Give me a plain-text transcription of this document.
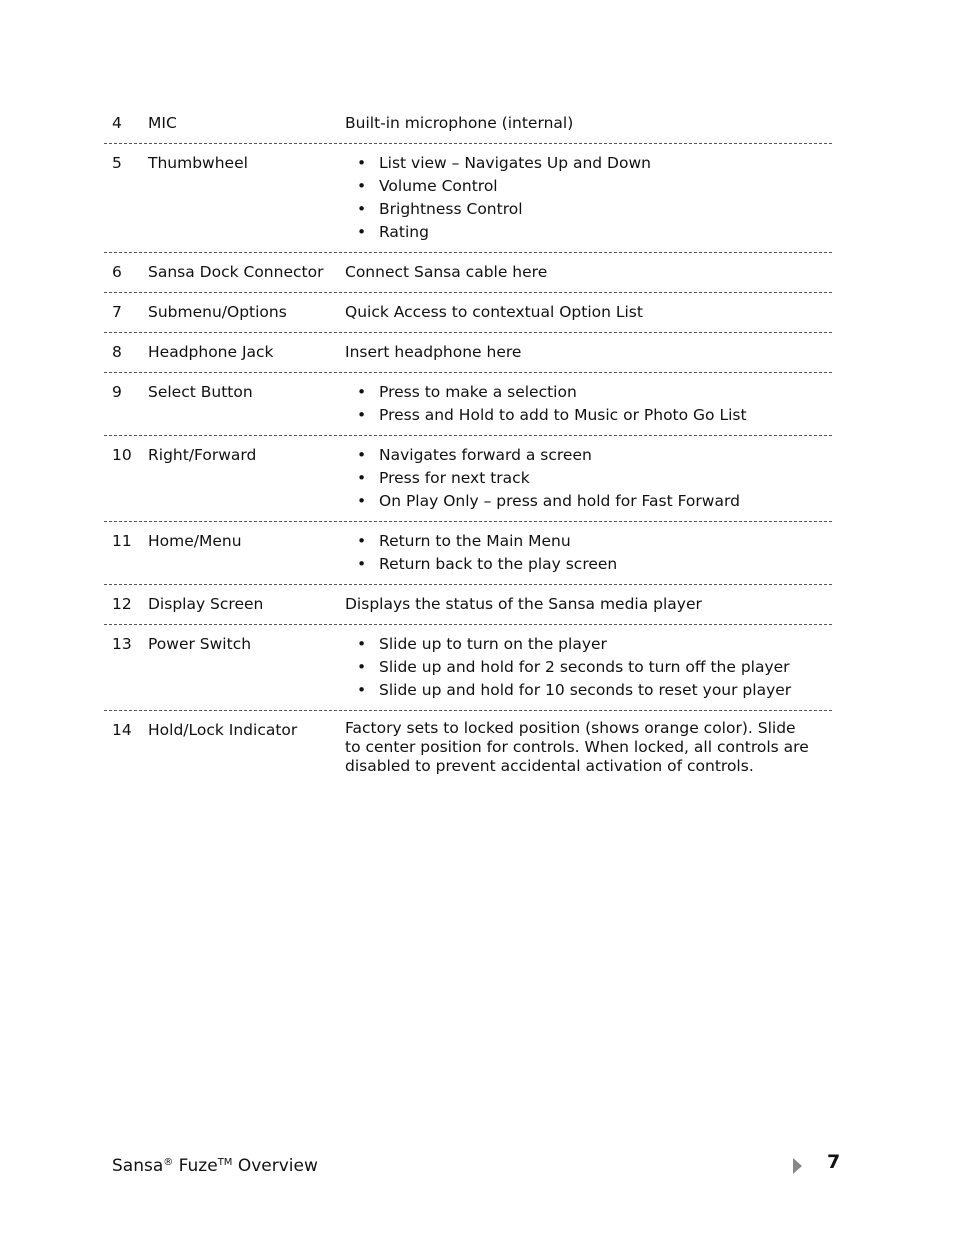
4	MIC	Built-in microphone (internal)
5	Thumbwheel	• List view – Navigates Up and Down
• Volume Control
• Brightness Control
• Rating
6	Sansa Dock Connector	Connect Sansa cable here
7	Submenu/Options	Quick Access to contextual Option List
8	Headphone Jack	Insert headphone here
9	Select Button	• Press to make a selection
• Press and Hold to add to Music or Photo Go List
10	Right/Forward	• Navigates forward a screen
• Press for next track
• On Play Only – press and hold for Fast Forward
11	Home/Menu	• Return to the Main Menu
• Return back to the play screen
12	Display Screen	Displays the status of the Sansa media player
13	Power Switch	• Slide up to turn on the player
• Slide up and hold for 2 seconds to turn off the player
• Slide up and hold for 10 seconds to reset your player
14	Hold/Lock Indicator	Factory sets to locked position (shows orange color). Slide
to center position for controls. When locked, all controls are
disabled to prevent accidental activation of controls.
Sansa® Fuze™ Overview	7
